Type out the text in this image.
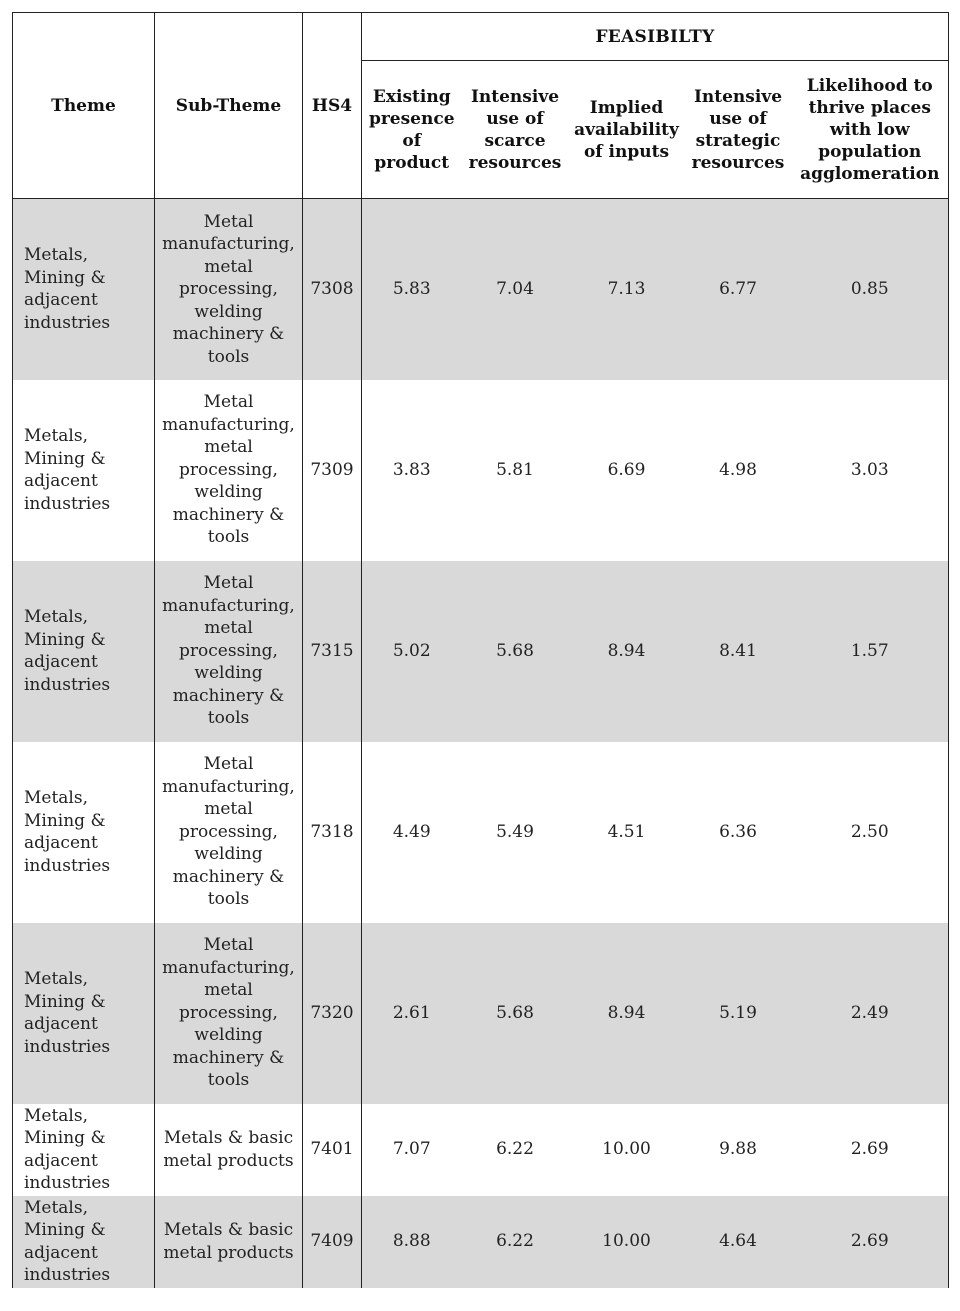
Theme	Sub-Theme	HS4	FEASIBILTY				
			Existing presence of product	Intensive use of scarce resources	Implied availability of inputs	Intensive use of strategic resources	Likelihood to thrive places with low population agglomeration
Metals, Mining & adjacent industries	Metal manufacturing, metal processing, welding machinery & tools	7308	5.83	7.04	7.13	6.77	0.85
Metals, Mining & adjacent industries	Metal manufacturing, metal processing, welding machinery & tools	7309	3.83	5.81	6.69	4.98	3.03
Metals, Mining & adjacent industries	Metal manufacturing, metal processing, welding machinery & tools	7315	5.02	5.68	8.94	8.41	1.57
Metals, Mining & adjacent industries	Metal manufacturing, metal processing, welding machinery & tools	7318	4.49	5.49	4.51	6.36	2.50
Metals, Mining & adjacent industries	Metal manufacturing, metal processing, welding machinery & tools	7320	2.61	5.68	8.94	5.19	2.49
Metals, Mining & adjacent industries	Metals & basic metal products	7401	7.07	6.22	10.00	9.88	2.69
Metals, Mining & adjacent industries	Metals & basic metal products	7409	8.88	6.22	10.00	4.64	2.69
